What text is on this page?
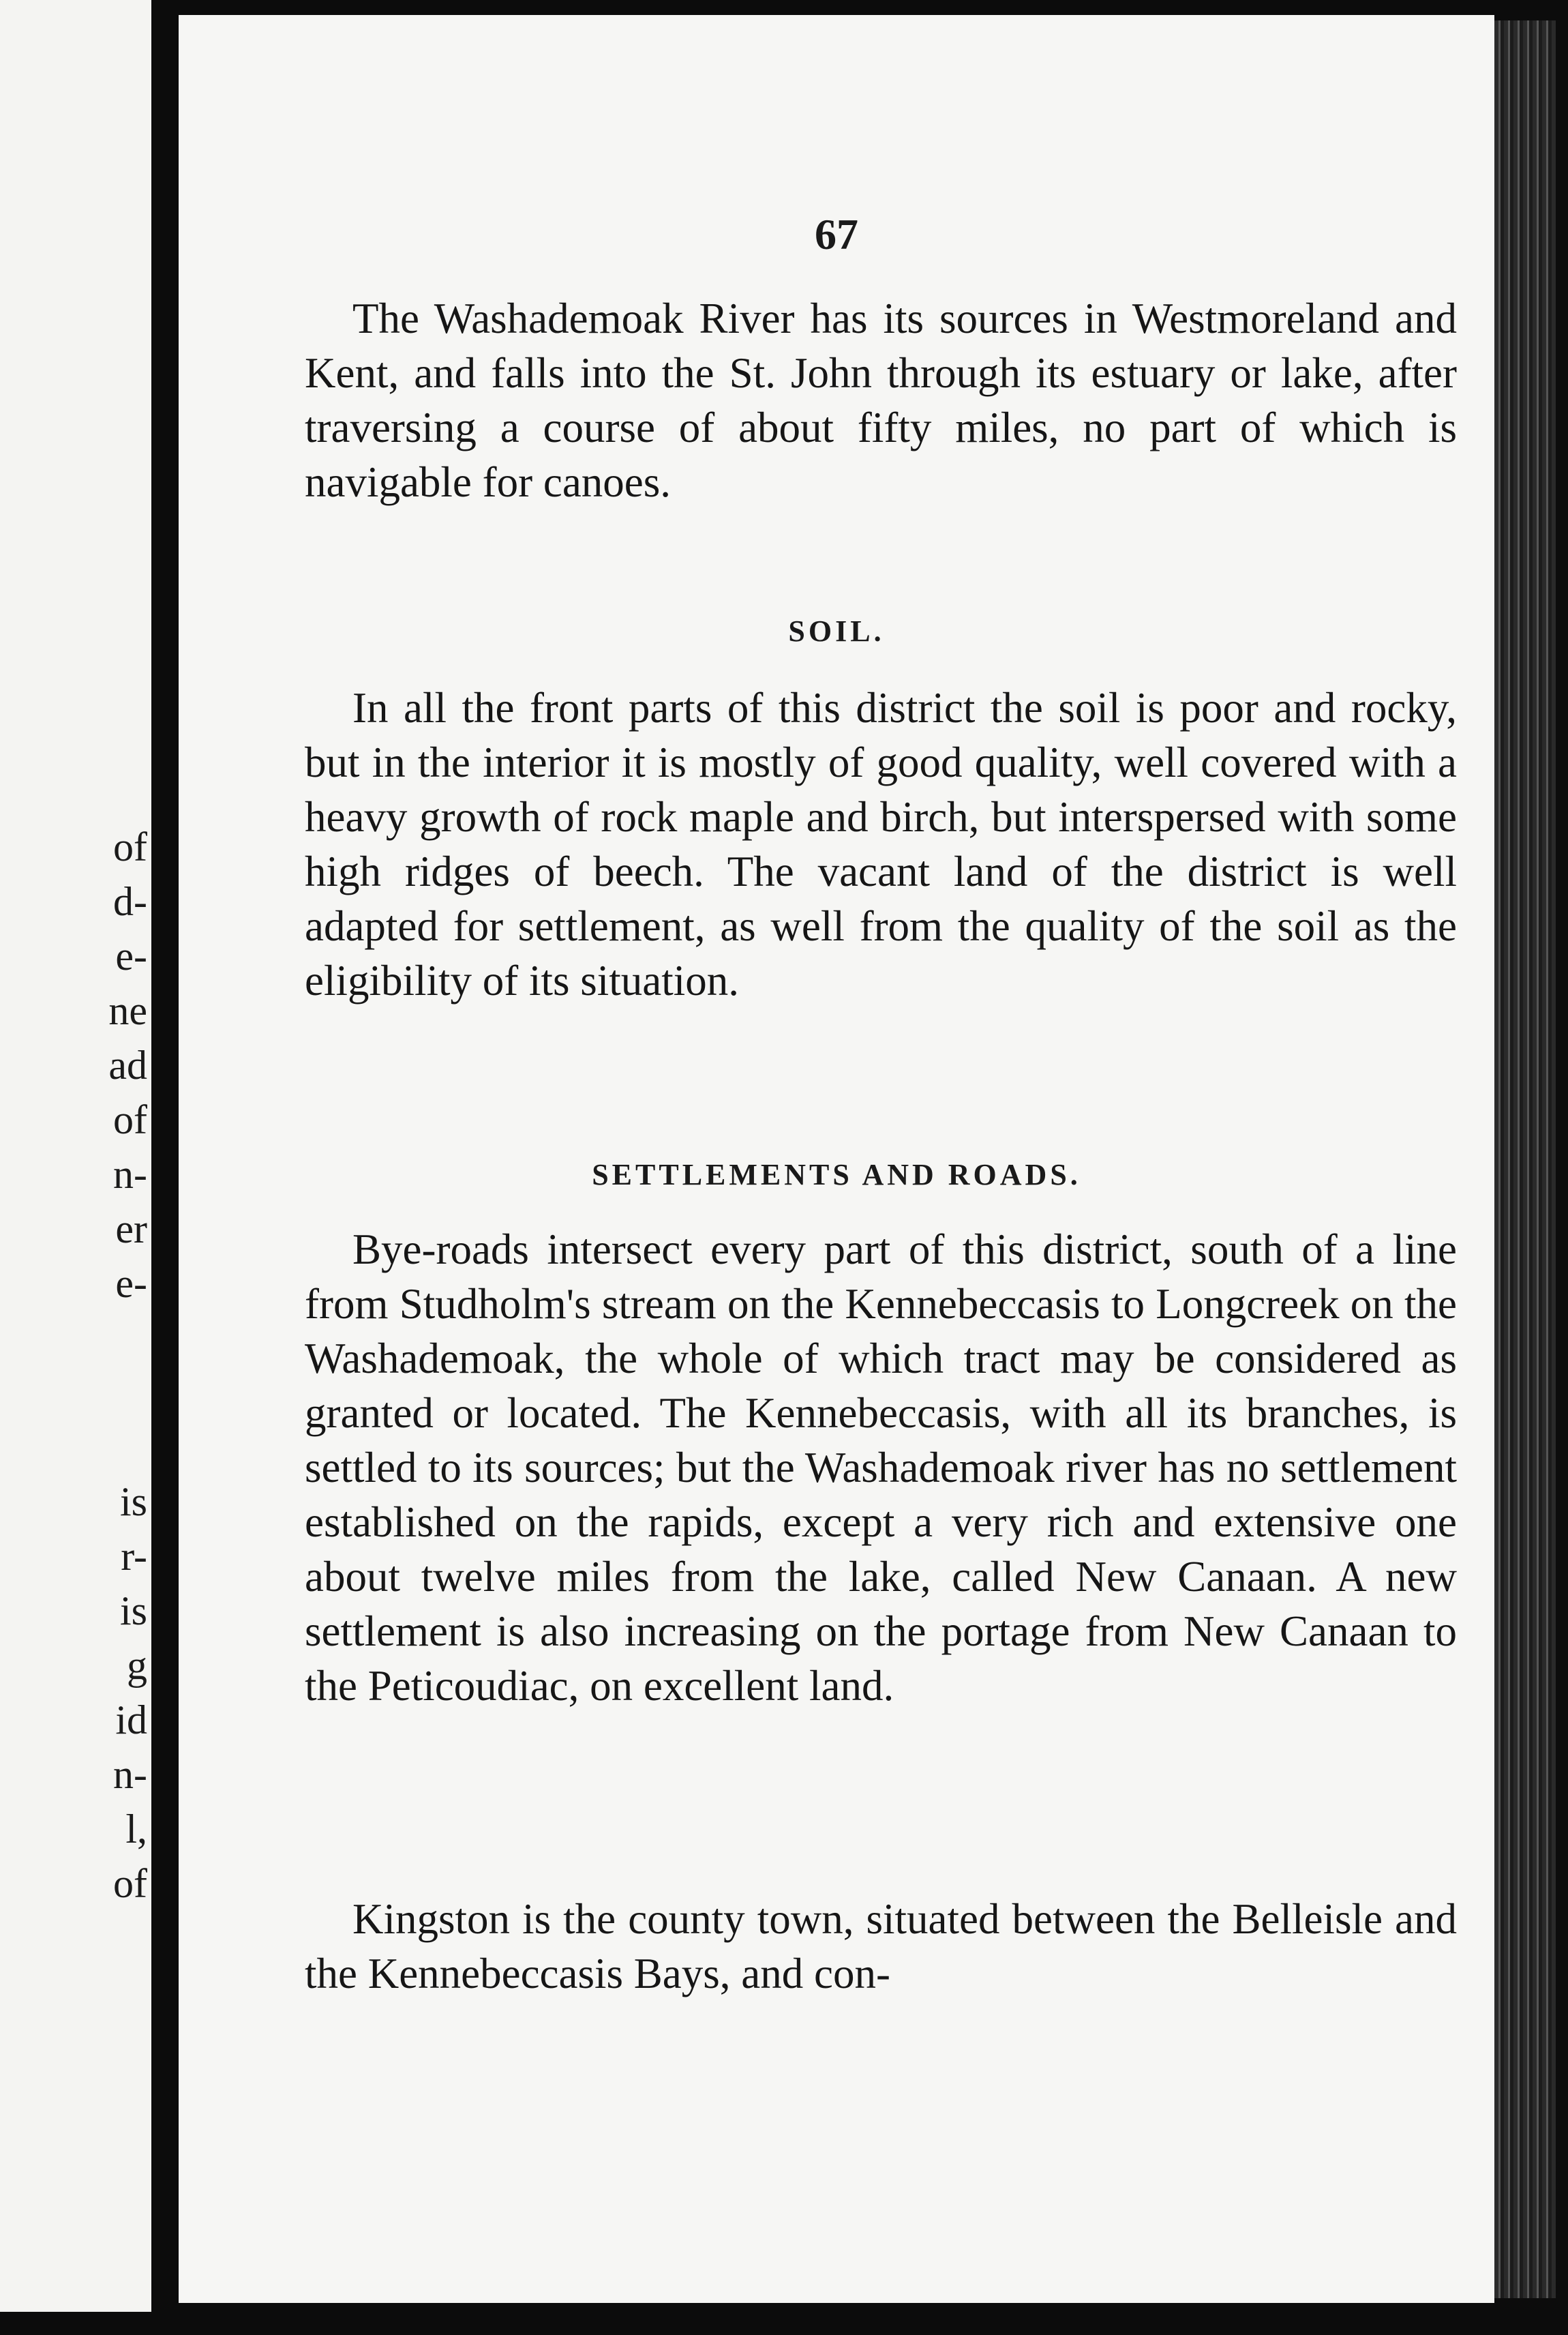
of
d-
e-
ne
ad
of
n-
er
e-
is
r-
is
g
id
n-
l,
of
67

The Washademoak River has its sources in Westmoreland and Kent, and falls into the St. John through its estuary or lake, after traversing a course of about fifty miles, no part of which is navigable for canoes.

SOIL.

In all the front parts of this district the soil is poor and rocky, but in the interior it is mostly of good quality, well covered with a heavy growth of rock maple and birch, but interspersed with some high ridges of beech. The vacant land of the district is well adapted for settlement, as well from the quality of the soil as the eligibility of its situation.

SETTLEMENTS AND ROADS.

Bye-roads intersect every part of this district, south of a line from Studholm's stream on the Kennebeccasis to Longcreek on the Washademoak, the whole of which tract may be considered as granted or located. The Kennebeccasis, with all its branches, is settled to its sources; but the Washademoak river has no settlement established on the rapids, except a very rich and extensive one about twelve miles from the lake, called New Canaan. A new settlement is also increasing on the portage from New Canaan to the Peticoudiac, on excellent land.

Kingston is the county town, situated between the Belleisle and the Kennebeccasis Bays, and con-
